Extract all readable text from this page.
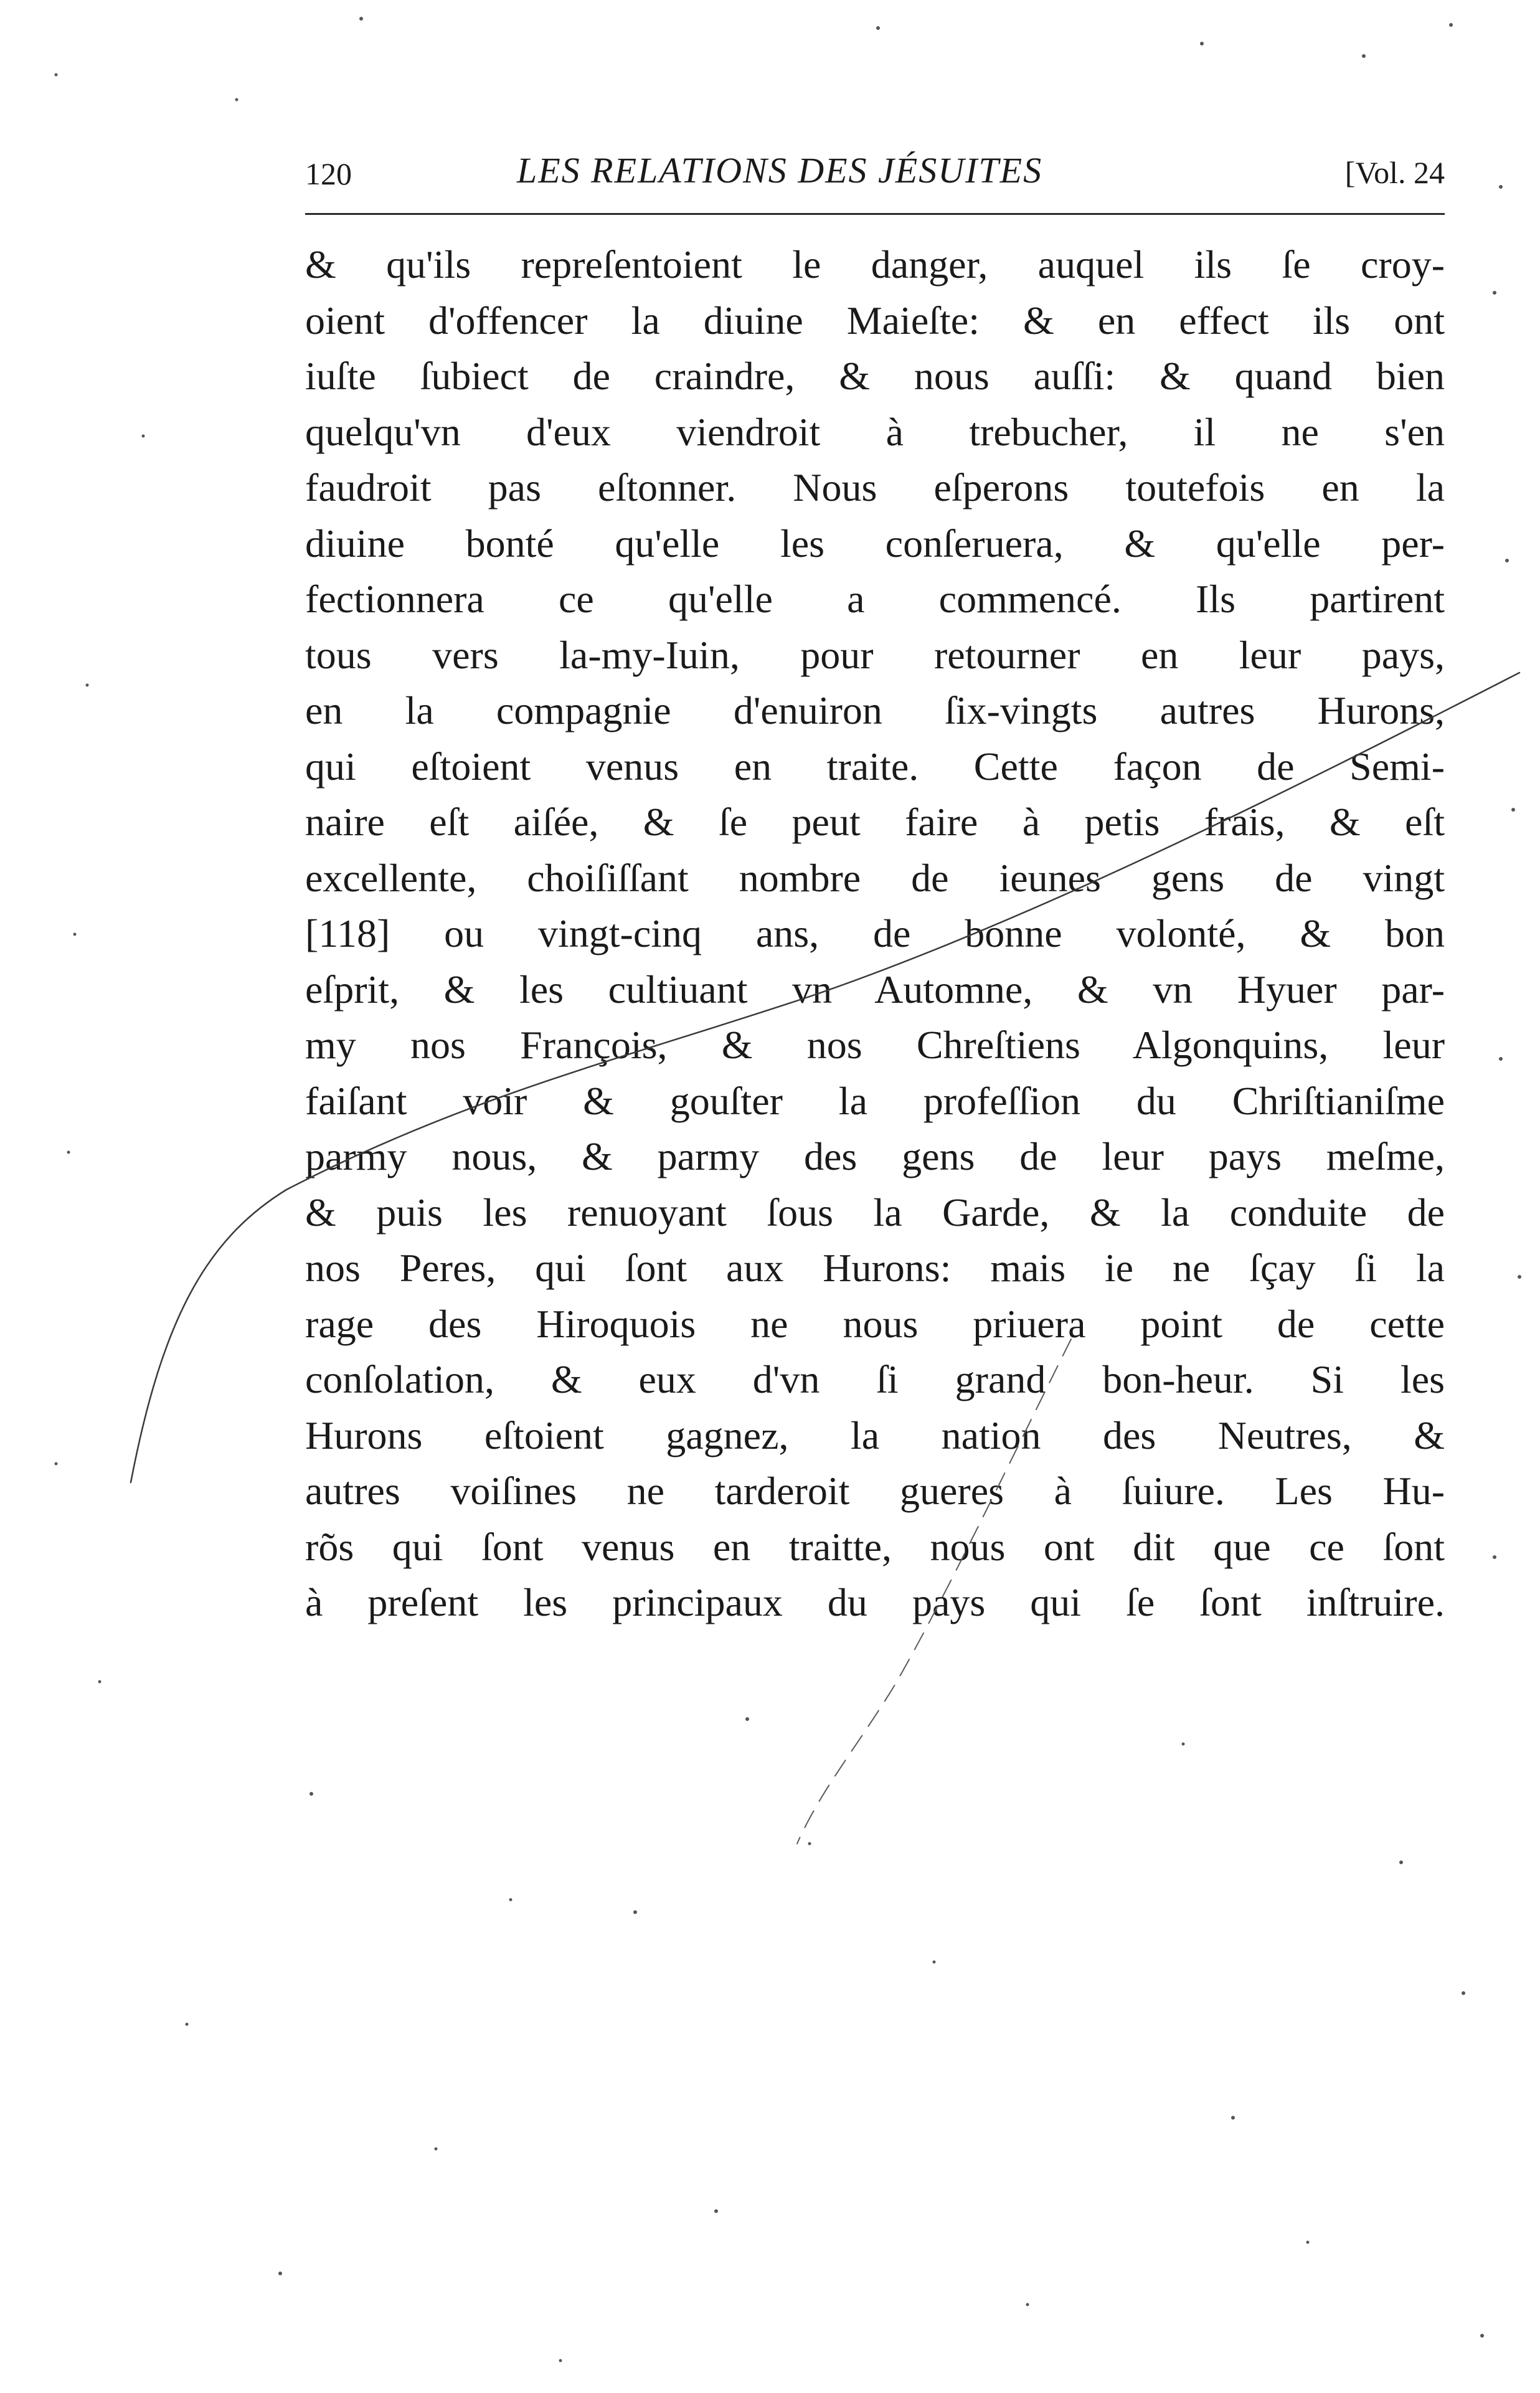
120	LES RELATIONS DES JÉSUITES	[Vol. 24
& qu'ils repreſentoient le danger, auquel ils ſe croy-
oient d'offencer la diuine Maieſte: & en effect ils ont
iuſte ſubiect de craindre, & nous auſſi: & quand bien
quelqu'vn d'eux viendroit à trebucher, il ne s'en
faudroit pas eſtonner. Nous eſperons toutefois en la
diuine bonté qu'elle les conſeruera, & qu'elle per-
fectionnera ce qu'elle a commencé. Ils partirent
tous vers la-my-Iuin, pour retourner en leur pays,
en la compagnie d'enuiron ſix-vingts autres Hurons,
qui eſtoient venus en traite. Cette façon de Semi-
naire eſt aiſée, & ſe peut faire à petis frais, & eſt
excellente, choiſiſſant nombre de ieunes gens de vingt
[118] ou vingt-cinq ans, de bonne volonté, & bon
eſprit, & les cultiuant vn Automne, & vn Hyuer par-
my nos François, & nos Chreſtiens Algonquins, leur
faiſant voir & gouſter la profeſſion du Chriſtianiſme
parmy nous, & parmy des gens de leur pays meſme,
& puis les renuoyant ſous la Garde, & la conduite de
nos Peres, qui ſont aux Hurons: mais ie ne ſçay ſi la
rage des Hiroquois ne nous priuera point de cette
conſolation, & eux d'vn ſi grand bon-heur. Si les
Hurons eſtoient gagnez, la nation des Neutres, &
autres voiſines ne tarderoit gueres à ſuiure. Les Hu-
rõs qui ſont venus en traitte, nous ont dit que ce ſont
à preſent les principaux du pays qui ſe ſont inſtruire.
